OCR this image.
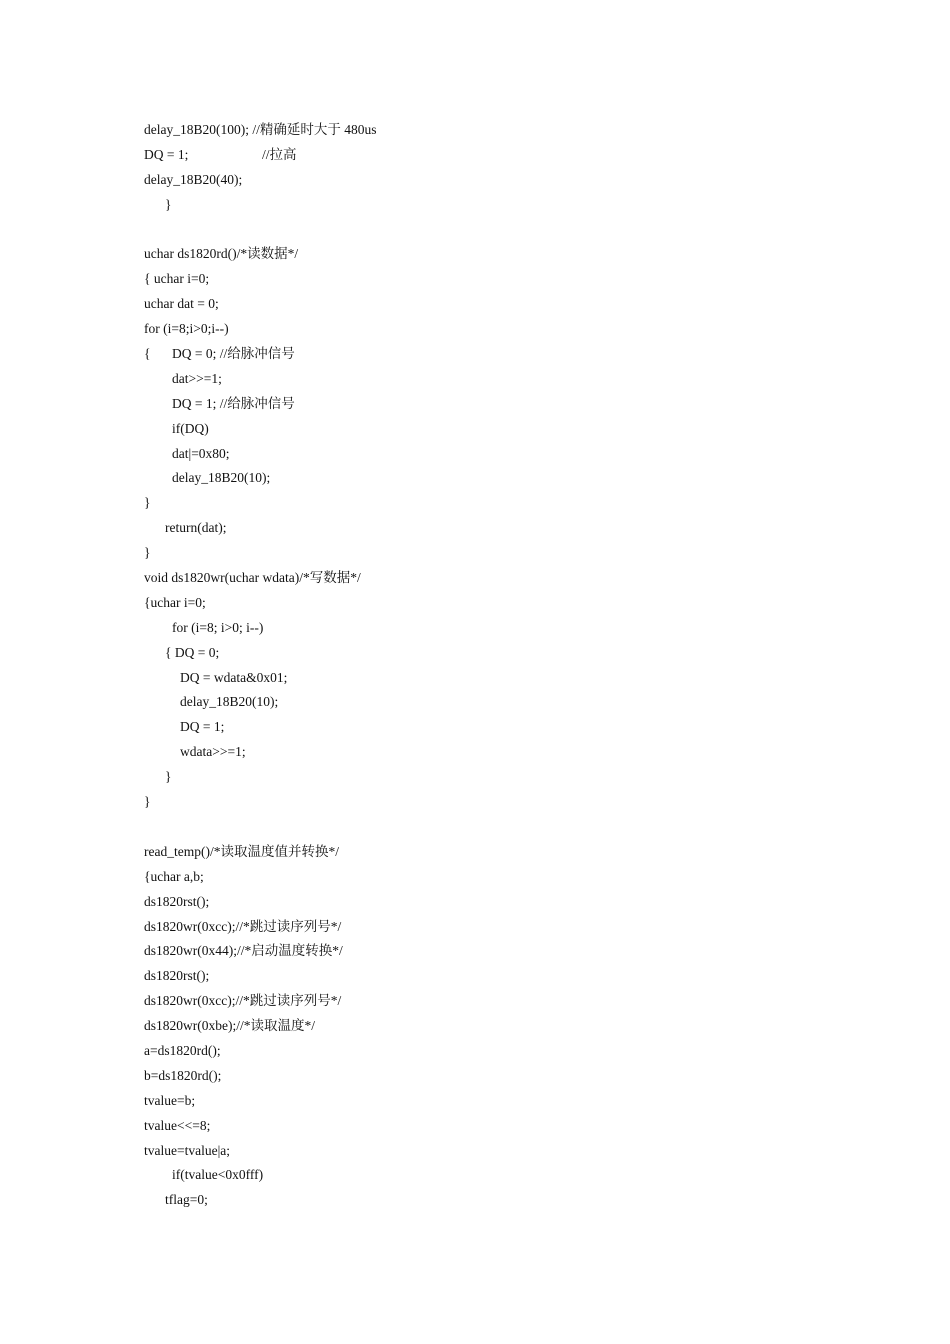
delay_18B20(100); //精确延时大于 480us
DQ = 1;	//拉高
delay_18B20(40);
}
uchar ds1820rd()/*读数据*/
{ uchar i=0;
uchar dat = 0;
for (i=8;i>0;i--)
{ DQ = 0; //给脉冲信号
dat>>=1;
DQ = 1; //给脉冲信号
if(DQ)
dat|=0x80;
delay_18B20(10);
}
return(dat);
}
void ds1820wr(uchar wdata)/*写数据*/
{uchar i=0;
for (i=8; i>0; i--)
{ DQ = 0;
DQ = wdata&0x01;
delay_18B20(10);
DQ = 1;
wdata>>=1;
}
}
read_temp()/*读取温度值并转换*/
{uchar a,b;
ds1820rst();
ds1820wr(0xcc);//*跳过读序列号*/
ds1820wr(0x44);//*启动温度转换*/
ds1820rst();
ds1820wr(0xcc);//*跳过读序列号*/
ds1820wr(0xbe);//*读取温度*/
a=ds1820rd();
b=ds1820rd();
tvalue=b;
tvalue<<=8;
tvalue=tvalue|a;
if(tvalue<0x0fff)
tflag=0;
